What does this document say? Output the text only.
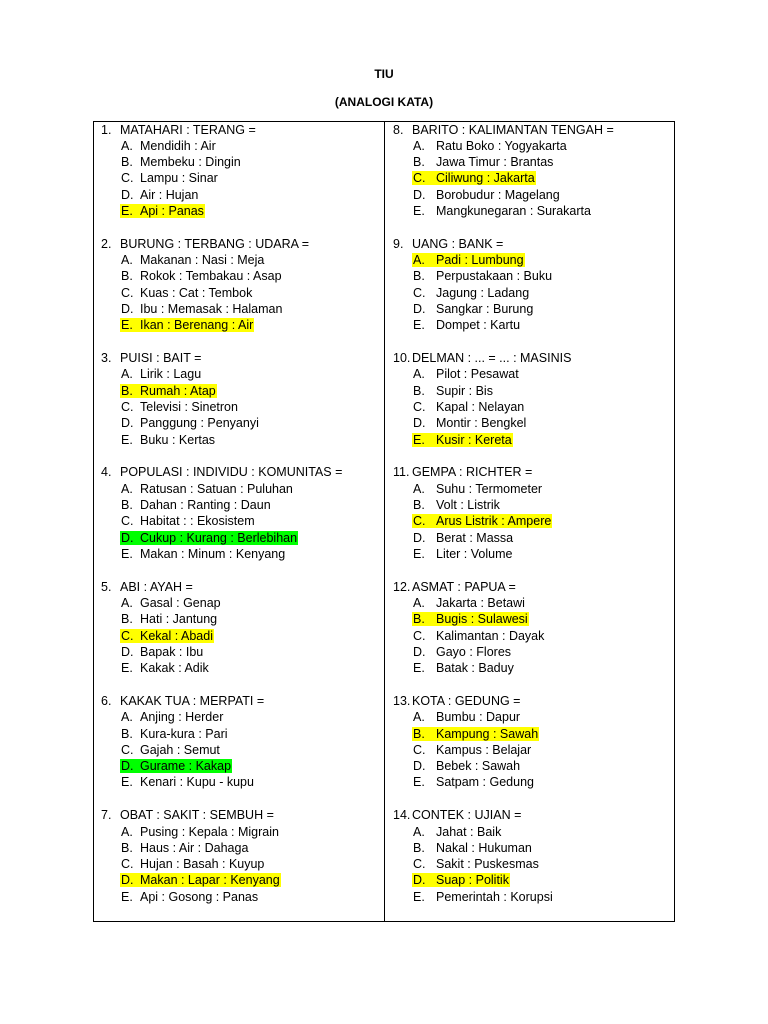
TIU
(ANALOGI KATA)
1. MATAHARI : TERANG =
A. Mendidih : Air
B. Membeku : Dingin
C. Lampu : Sinar
D. Air : Hujan
E. Api : Panas
2. BURUNG : TERBANG : UDARA =
A. Makanan : Nasi : Meja
B. Rokok : Tembakau : Asap
C. Kuas : Cat : Tembok
D. Ibu : Memasak : Halaman
E. Ikan : Berenang : Air
3. PUISI : BAIT =
A. Lirik : Lagu
B. Rumah : Atap
C. Televisi : Sinetron
D. Panggung : Penyanyi
E. Buku : Kertas
4. POPULASI : INDIVIDU : KOMUNITAS =
A. Ratusan : Satuan : Puluhan
B. Dahan : Ranting : Daun
C. Habitat : : Ekosistem
D. Cukup : Kurang : Berlebihan
E. Makan : Minum : Kenyang
5. ABI : AYAH =
A. Gasal : Genap
B. Hati : Jantung
C. Kekal : Abadi
D. Bapak : Ibu
E. Kakak : Adik
6. KAKAK TUA : MERPATI =
A. Anjing : Herder
B. Kura-kura : Pari
C. Gajah : Semut
D. Gurame : Kakap
E. Kenari : Kupu - kupu
7. OBAT : SAKIT : SEMBUH =
A. Pusing : Kepala : Migrain
B. Haus : Air : Dahaga
C. Hujan : Basah : Kuyup
D. Makan : Lapar : Kenyang
E. Api : Gosong : Panas
8. BARITO : KALIMANTAN TENGAH =
A. Ratu Boko : Yogyakarta
B. Jawa Timur : Brantas
C. Ciliwung : Jakarta
D. Borobudur : Magelang
E. Mangkunegaran : Surakarta
9. UANG : BANK =
A. Padi : Lumbung
B. Perpustakaan : Buku
C. Jagung : Ladang
D. Sangkar : Burung
E. Dompet : Kartu
10. DELMAN : ... = ... : MASINIS
A. Pilot : Pesawat
B. Supir : Bis
C. Kapal : Nelayan
D. Montir : Bengkel
E. Kusir : Kereta
11. GEMPA : RICHTER =
A. Suhu : Termometer
B. Volt : Listrik
C. Arus Listrik : Ampere
D. Berat : Massa
E. Liter : Volume
12. ASMAT : PAPUA =
A. Jakarta : Betawi
B. Bugis : Sulawesi
C. Kalimantan : Dayak
D. Gayo : Flores
E. Batak : Baduy
13. KOTA : GEDUNG =
A. Bumbu : Dapur
B. Kampung : Sawah
C. Kampus : Belajar
D. Bebek : Sawah
E. Satpam : Gedung
14. CONTEK : UJIAN =
A. Jahat : Baik
B. Nakal : Hukuman
C. Sakit : Puskesmas
D. Suap : Politik
E. Pemerintah : Korupsi
